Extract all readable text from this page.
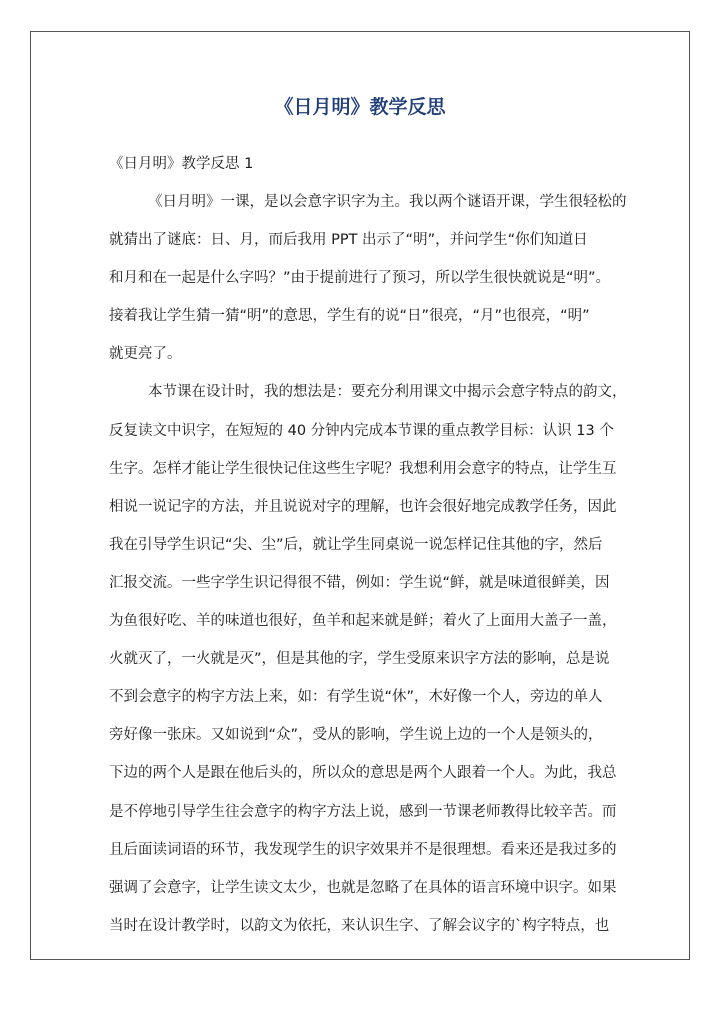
《日月明》教学反思

《日月明》教学反思 1

《日月明》一课，是以会意字识字为主。我以两个谜语开课，学生很轻松的
就猜出了谜底：日、月，而后我用 PPT 出示了“明”，并问学生“你们知道日
和月和在一起是什么字吗？”由于提前进行了预习，所以学生很快就说是“明”。
接着我让学生猜一猜“明”的意思，学生有的说“日”很亮，“月”也很亮，“明”
就更亮了。
本节课在设计时，我的想法是：要充分利用课文中揭示会意字特点的韵文，
反复读文中识字，在短短的 40 分钟内完成本节课的重点教学目标：认识 13 个
生字。怎样才能让学生很快记住这些生字呢？我想利用会意字的特点，让学生互
相说一说记字的方法，并且说说对字的理解，也许会很好地完成教学任务，因此
我在引导学生识记“尖、尘”后，就让学生同桌说一说怎样记住其他的字，然后
汇报交流。一些字学生识记得很不错，例如：学生说“鲜，就是味道很鲜美，因
为鱼很好吃、羊的味道也很好，鱼羊和起来就是鲜；着火了上面用大盖子一盖，
火就灭了，一火就是灭”，但是其他的字，学生受原来识字方法的影响，总是说
不到会意字的构字方法上来，如：有学生说“休”，木好像一个人，旁边的单人
旁好像一张床。又如说到“众”，受从的影响，学生说上边的一个人是领头的，
下边的两个人是跟在他后头的，所以众的意思是两个人跟着一个人。为此，我总
是不停地引导学生往会意字的构字方法上说，感到一节课老师教得比较辛苦。而
且后面读词语的环节，我发现学生的识字效果并不是很理想。看来还是我过多的
强调了会意字，让学生读文太少，也就是忽略了在具体的语言环境中识字。如果
当时在设计教学时，以韵文为依托，来认识生字、了解会议字的`构字特点，也
